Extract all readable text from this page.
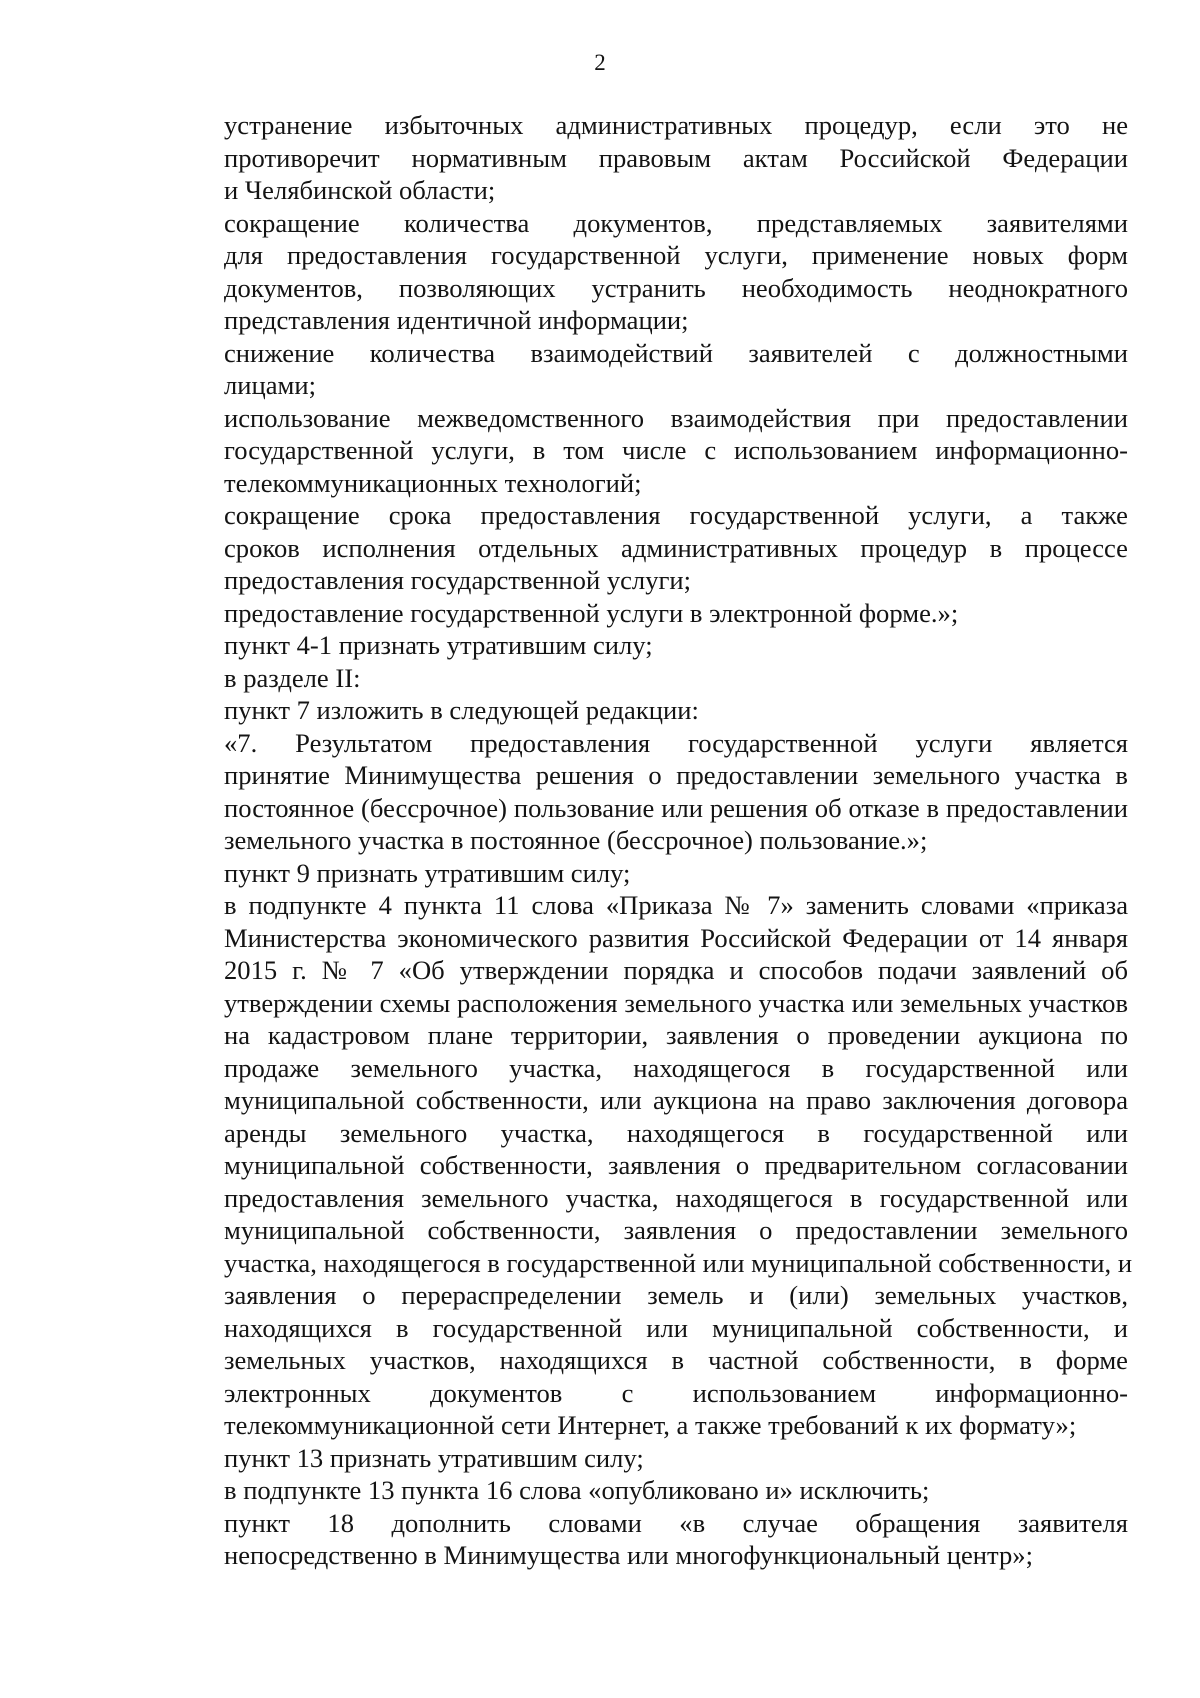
2
устранение избыточных административных процедур, если это не
противоречит нормативным правовым актам Российской Федерации
и Челябинской области;
сокращение количества документов, представляемых заявителями
для предоставления государственной услуги, применение новых форм
документов, позволяющих устранить необходимость неоднократного
представления идентичной информации;
снижение количества взаимодействий заявителей с должностными
лицами;
использование межведомственного взаимодействия при предоставлении
государственной услуги, в том числе с использованием информационно-
телекоммуникационных технологий;
сокращение срока предоставления государственной услуги, а также
сроков исполнения отдельных административных процедур в процессе
предоставления государственной услуги;
предоставление государственной услуги в электронной форме.»;
пункт 4-1 признать утратившим силу;
в разделе II:
пункт 7 изложить в следующей редакции:
«7. Результатом предоставления государственной услуги является
принятие Минимущества решения о предоставлении земельного участка в
постоянное (бессрочное) пользование или решения об отказе в предоставлении
земельного участка в постоянное (бессрочное) пользование.»;
пункт 9 признать утратившим силу;
в подпункте 4 пункта 11 слова «Приказа № 7» заменить словами «приказа
Министерства экономического развития Российской Федерации от 14 января
2015 г. № 7 «Об утверждении порядка и способов подачи заявлений об
утверждении схемы расположения земельного участка или земельных участков
на кадастровом плане территории, заявления о проведении аукциона по
продаже земельного участка, находящегося в государственной или
муниципальной собственности, или аукциона на право заключения договора
аренды земельного участка, находящегося в государственной или
муниципальной собственности, заявления о предварительном согласовании
предоставления земельного участка, находящегося в государственной или
муниципальной собственности, заявления о предоставлении земельного
участка, находящегося в государственной или муниципальной собственности, и
заявления о перераспределении земель и (или) земельных участков,
находящихся в государственной или муниципальной собственности, и
земельных участков, находящихся в частной собственности, в форме
электронных документов с использованием информационно-
телекоммуникационной сети Интернет, а также требований к их формату»;
пункт 13 признать утратившим силу;
в подпункте 13 пункта 16 слова «опубликовано и» исключить;
пункт 18 дополнить словами «в случае обращения заявителя
непосредственно в Минимущества или многофункциональный центр»;
